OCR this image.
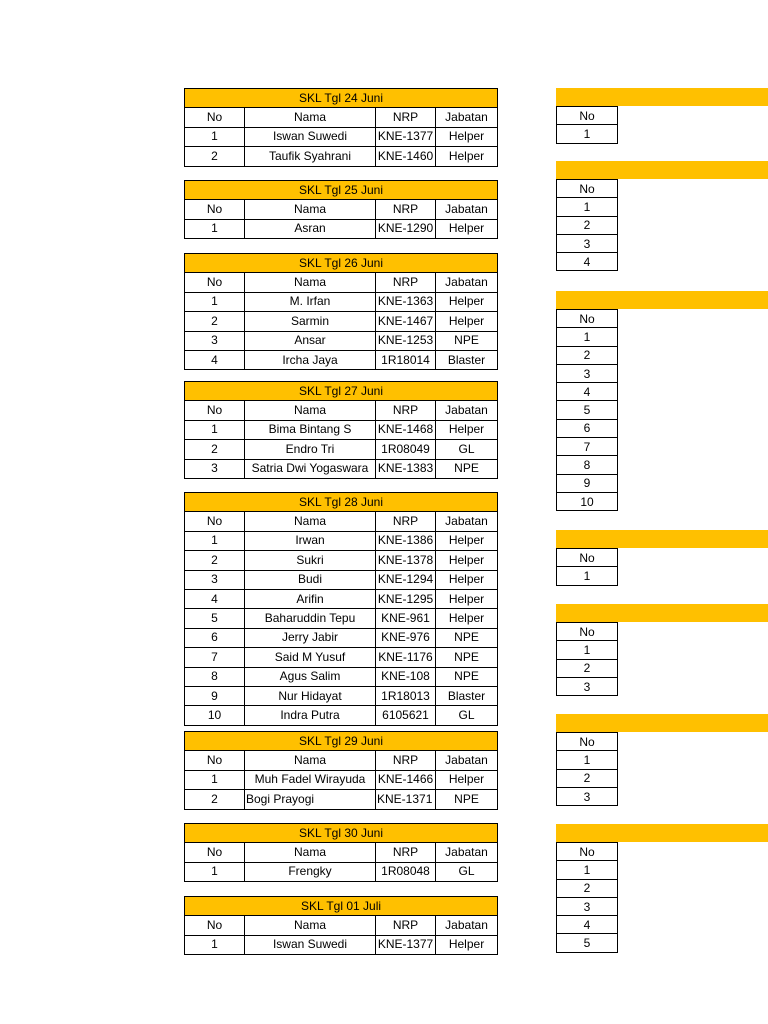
SKL Tgl 24 Juni			
No	Nama	NRP	Jabatan
1	Iswan Suwedi	KNE-1377	Helper
2	Taufik Syahrani	KNE-1460	Helper
SKL Tgl 25 Juni			
No	Nama	NRP	Jabatan
1	Asran	KNE-1290	Helper
SKL Tgl 26 Juni			
No	Nama	NRP	Jabatan
1	M. Irfan	KNE-1363	Helper
2	Sarmin	KNE-1467	Helper
3	Ansar	KNE-1253	NPE
4	Ircha Jaya	1R18014	Blaster
SKL Tgl 27 Juni			
No	Nama	NRP	Jabatan
1	Bima Bintang S	KNE-1468	Helper
2	Endro Tri	1R08049	GL
3	Satria Dwi Yogaswara	KNE-1383	NPE
SKL Tgl 28 Juni			
No	Nama	NRP	Jabatan
1	Irwan	KNE-1386	Helper
2	Sukri	KNE-1378	Helper
3	Budi	KNE-1294	Helper
4	Arifin	KNE-1295	Helper
5	Baharuddin Tepu	KNE-961	Helper
6	Jerry Jabir	KNE-976	NPE
7	Said M Yusuf	KNE-1176	NPE
8	Agus Salim	KNE-108	NPE
9	Nur Hidayat	1R18013	Blaster
10	Indra Putra	6105621	GL
SKL Tgl 29 Juni			
No	Nama	NRP	Jabatan
1	Muh Fadel Wirayuda	KNE-1466	Helper
2	Bogi Prayogi	KNE-1371	NPE
SKL Tgl 30 Juni			
No	Nama	NRP	Jabatan
1	Frengky	1R08048	GL
SKL Tgl 01 Juli			
No	Nama	NRP	Jabatan
1	Iswan Suwedi	KNE-1377	Helper
No
1
No
1
2
3
4
No
1
2
3
4
5
6
7
8
9
10
No
1
No
1
2
3
No
1
2
3
No
1
2
3
4
5
